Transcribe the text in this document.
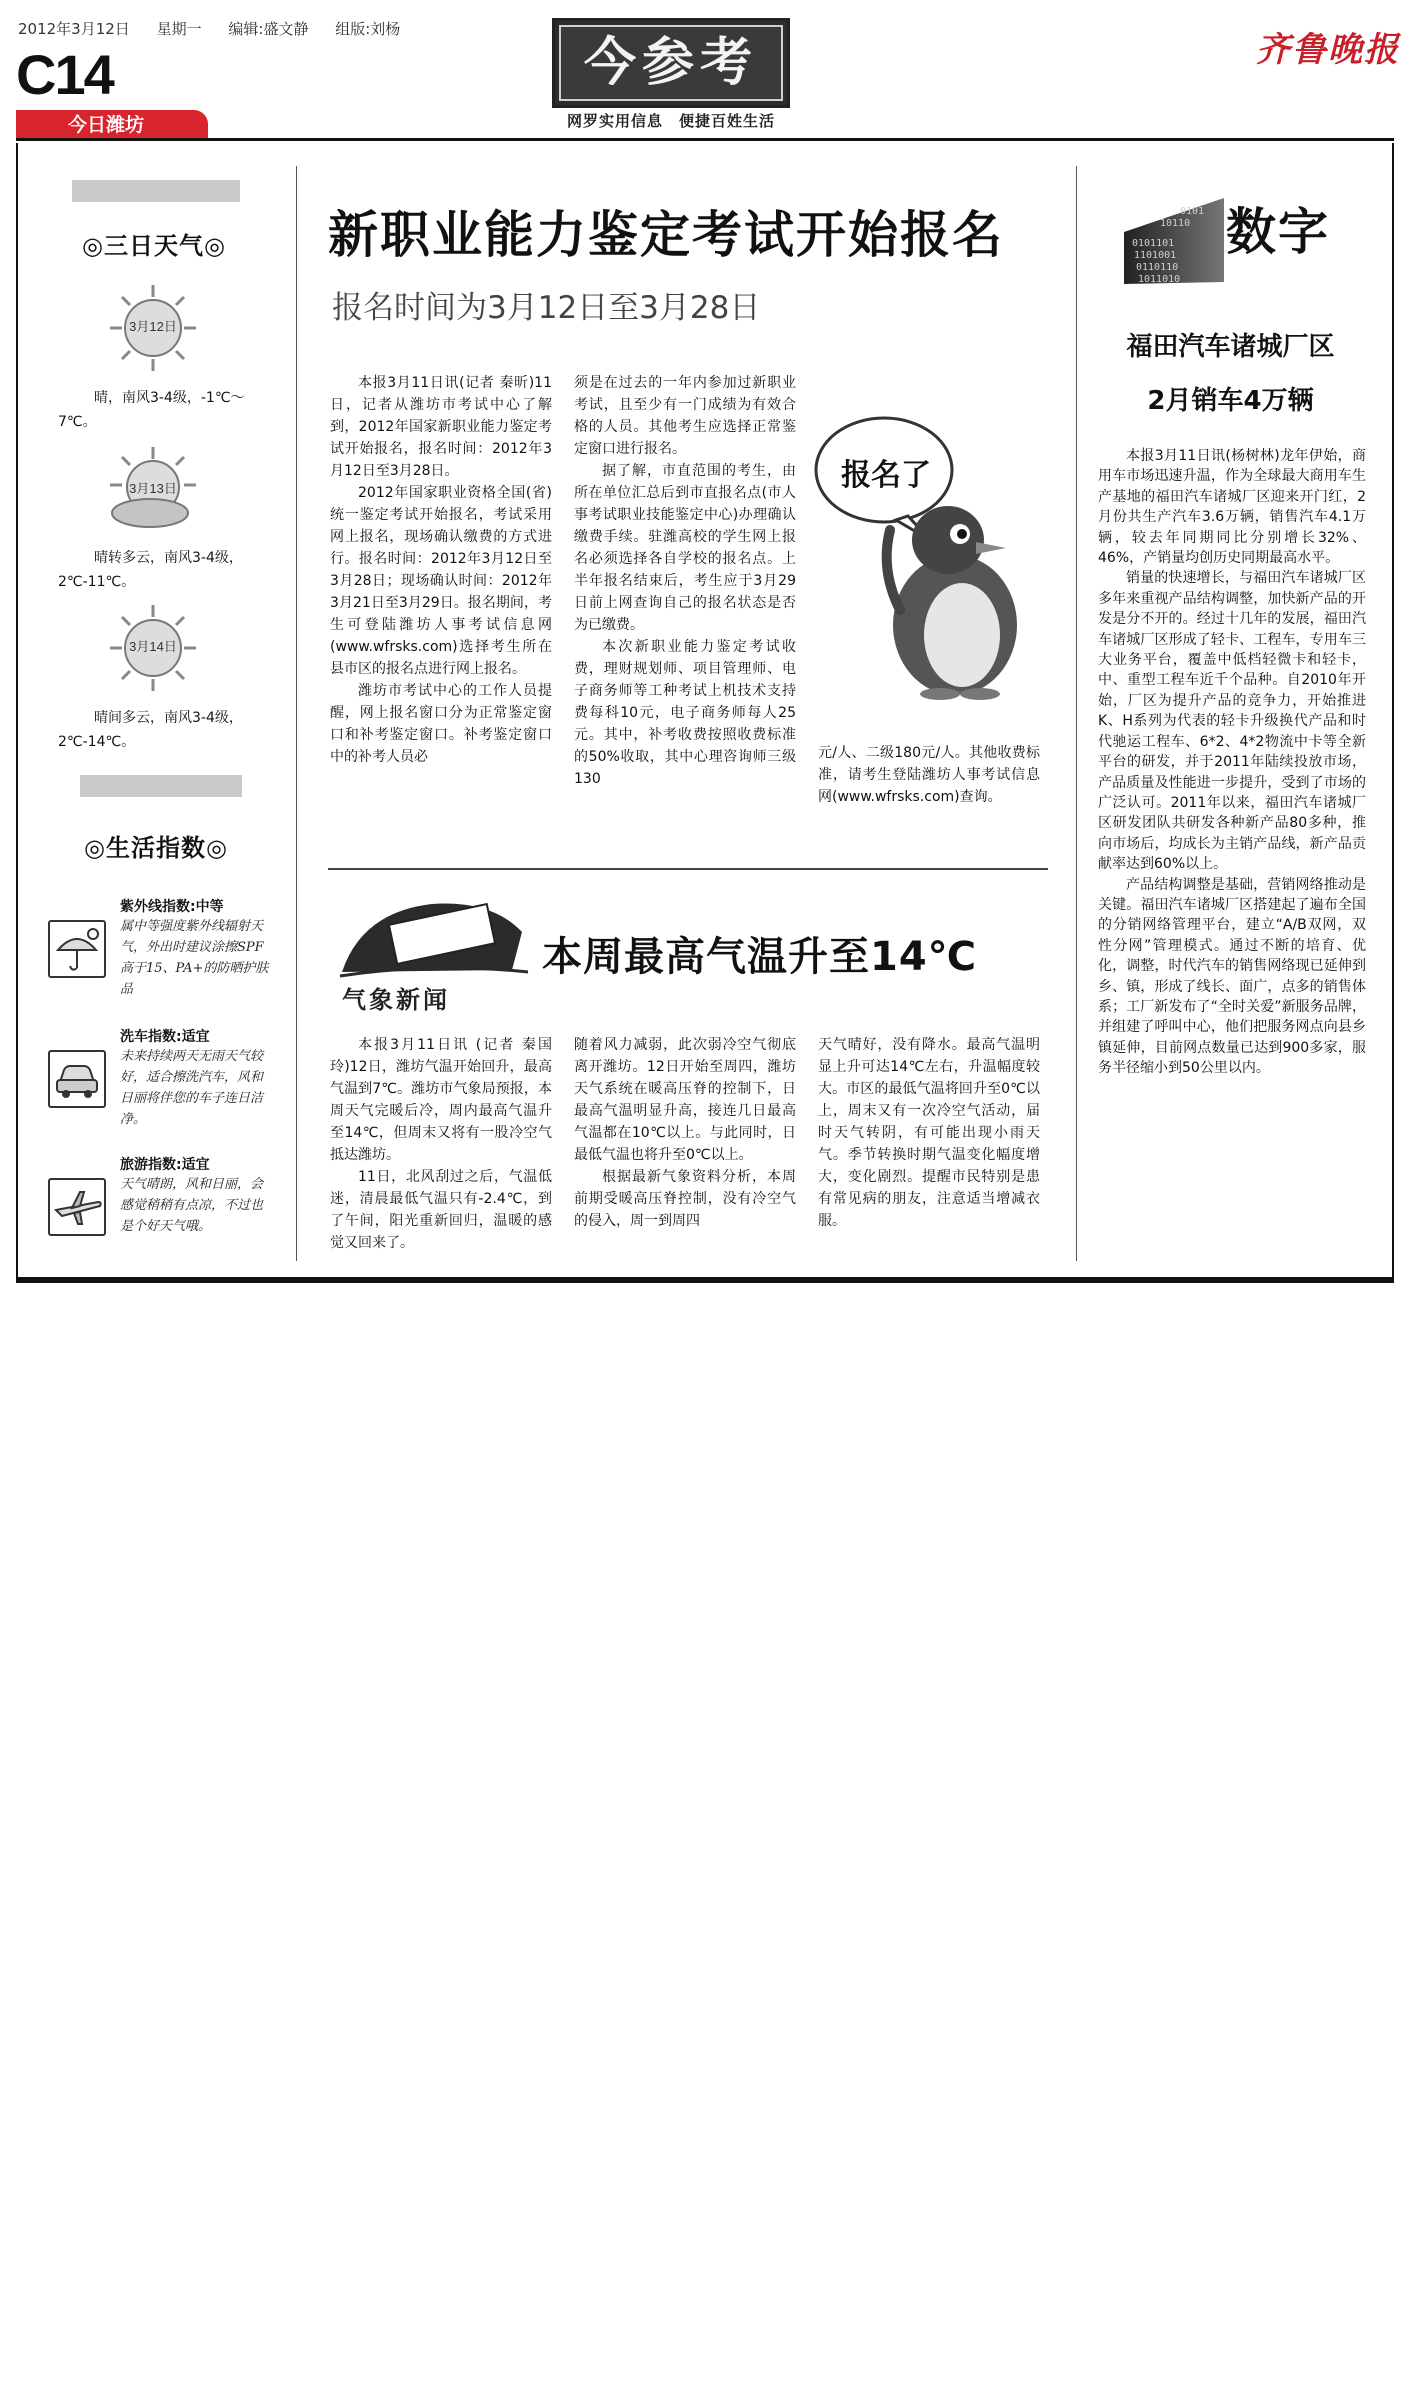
2012年3月12日 星期一 编辑:盛文静 组版:刘杨
C14
今日潍坊
今参考
网罗实用信息　便捷百姓生活
齐鲁晚报
◎三日天气◎
3月12日
晴，南风3-4级，-1℃～7℃。
3月13日
晴转多云，南风3-4级，2℃-11℃。
3月14日
晴间多云，南风3-4级，2℃-14℃。
◎生活指数◎
紫外线指数:中等
属中等强度紫外线辐射天气，外出时建议涂擦SPF高于15、PA+的防晒护肤品
洗车指数:适宜
未来持续两天无雨天气较好，适合擦洗汽车，风和日丽将伴您的车子连日洁净。
旅游指数:适宜
天气晴朗，风和日丽，会感觉稍稍有点凉，不过也是个好天气哦。
新职业能力鉴定考试开始报名
报名时间为3月12日至3月28日

本报3月11日讯(记者 秦昕)11日，记者从潍坊市考试中心了解到，2012年国家新职业能力鉴定考试开始报名，报名时间：2012年3月12日至3月28日。

2012年国家职业资格全国(省)统一鉴定考试开始报名，考试采用网上报名，现场确认缴费的方式进行。报名时间：2012年3月12日至3月28日；现场确认时间：2012年3月21日至3月29日。报名期间，考生可登陆潍坊人事考试信息网(www.wfrsks.com)选择考生所在县市区的报名点进行网上报名。

潍坊市考试中心的工作人员提醒，网上报名窗口分为正常鉴定窗口和补考鉴定窗口。补考鉴定窗口中的补考人员必

须是在过去的一年内参加过新职业考试，且至少有一门成绩为有效合格的人员。其他考生应选择正常鉴定窗口进行报名。

据了解，市直范围的考生，由所在单位汇总后到市直报名点(市人事考试职业技能鉴定中心)办理确认缴费手续。驻潍高校的学生网上报名必须选择各自学校的报名点。上半年报名结束后，考生应于3月29日前上网查询自己的报名状态是否为已缴费。

本次新职业能力鉴定考试收费，理财规划师、项目管理师、电子商务师等工种考试上机技术支持费每科10元，电子商务师每人25元。其中，补考收费按照收费标准的50%收取，其中心理咨询师三级130

元/人、二级180元/人。其他收费标准，请考生登陆潍坊人事考试信息网(www.wfrsks.com)查询。

报名了
气象新闻
本周最高气温升至14℃

本报3月11日讯 (记者 秦国玲)12日，潍坊气温开始回升，最高气温到7℃。潍坊市气象局预报，本周天气完暖后冷，周内最高气温升至14℃，但周末又将有一股冷空气抵达潍坊。

11日，北风刮过之后，气温低迷，清晨最低气温只有-2.4℃，到了午间，阳光重新回归，温暖的感觉又回来了。

随着风力减弱，此次弱冷空气彻底离开潍坊。12日开始至周四，潍坊天气系统在暖高压脊的控制下，日最高气温明显升高，接连几日最高气温都在10℃以上。与此同时，日最低气温也将升至0℃以上。

根据最新气象资料分析，本周前期受暖高压脊控制，没有冷空气的侵入，周一到周四

天气晴好，没有降水。最高气温明显上升可达14℃左右，升温幅度较大。市区的最低气温将回升至0℃以上，周末又有一次冷空气活动，届时天气转阴，有可能出现小雨天气。季节转换时期气温变化幅度增大，变化剧烈。提醒市民特别是患有常见病的朋友，注意适当增减衣服。

0101101
1101001
0110110
1011010
10110
0101 数字
福田汽车诸城厂区
2月销车4万辆

本报3月11日讯(杨树林)龙年伊始，商用车市场迅速升温，作为全球最大商用车生产基地的福田汽车诸城厂区迎来开门红，2月份共生产汽车3.6万辆，销售汽车4.1万辆，较去年同期同比分别增长32%、46%，产销量均创历史同期最高水平。

销量的快速增长，与福田汽车诸城厂区多年来重视产品结构调整，加快新产品的开发是分不开的。经过十几年的发展，福田汽车诸城厂区形成了轻卡、工程车，专用车三大业务平台，覆盖中低档轻微卡和轻卡，中、重型工程车近千个品种。自2010年开始，厂区为提升产品的竞争力，开始推进K、H系列为代表的轻卡升级换代产品和时代驰运工程车、6*2、4*2物流中卡等全新平台的研发，并于2011年陆续投放市场，产品质量及性能进一步提升，受到了市场的广泛认可。2011年以来，福田汽车诸城厂区研发团队共研发各种新产品80多种，推向市场后，均成长为主销产品线，新产品贡献率达到60%以上。

产品结构调整是基础，营销网络推动是关键。福田汽车诸城厂区搭建起了遍布全国的分销网络管理平台，建立“A/B双网，双性分网”管理模式。通过不断的培育、优化，调整，时代汽车的销售网络现已延伸到乡、镇，形成了线长、面广，点多的销售体系；工厂新发布了“全时关爱”新服务品牌，并组建了呼叫中心，他们把服务网点向县乡镇延伸，目前网点数量已达到900多家，服务半径缩小到50公里以内。
